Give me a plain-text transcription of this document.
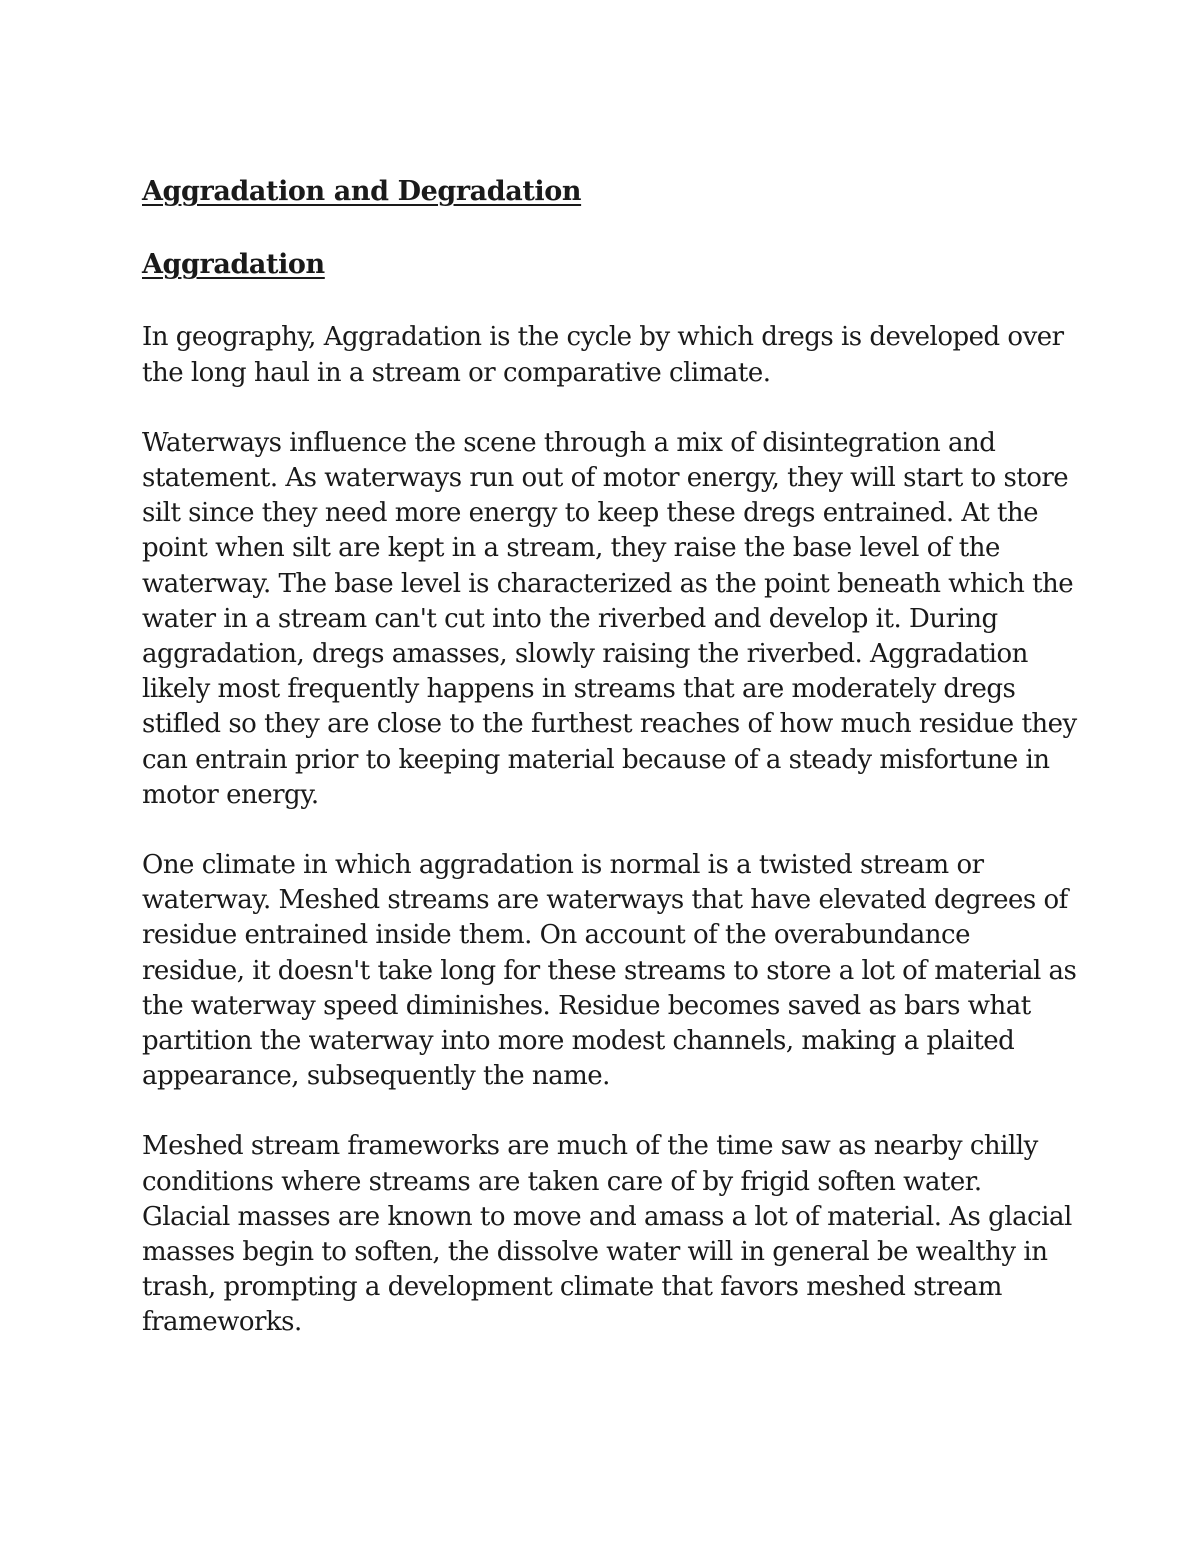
Aggradation and Degradation
Aggradation

In geography, Aggradation is the cycle by which dregs is developed over the long haul in a stream or comparative climate.

Waterways influence the scene through a mix of disintegration and statement. As waterways run out of motor energy, they will start to store silt since they need more energy to keep these dregs entrained. At the point when silt are kept in a stream, they raise the base level of the waterway. The base level is characterized as the point beneath which the water in a stream can't cut into the riverbed and develop it. During aggradation, dregs amasses, slowly raising the riverbed. Aggradation likely most frequently happens in streams that are moderately dregs stifled so they are close to the furthest reaches of how much residue they can entrain prior to keeping material because of a steady misfortune in motor energy.

One climate in which aggradation is normal is a twisted stream or waterway. Meshed streams are waterways that have elevated degrees of residue entrained inside them. On account of the overabundance residue, it doesn't take long for these streams to store a lot of material as the waterway speed diminishes. Residue becomes saved as bars what partition the waterway into more modest channels, making a plaited appearance, subsequently the name.

Meshed stream frameworks are much of the time saw as nearby chilly conditions where streams are taken care of by frigid soften water. Glacial masses are known to move and amass a lot of material. As glacial masses begin to soften, the dissolve water will in general be wealthy in trash, prompting a development climate that favors meshed stream frameworks.
